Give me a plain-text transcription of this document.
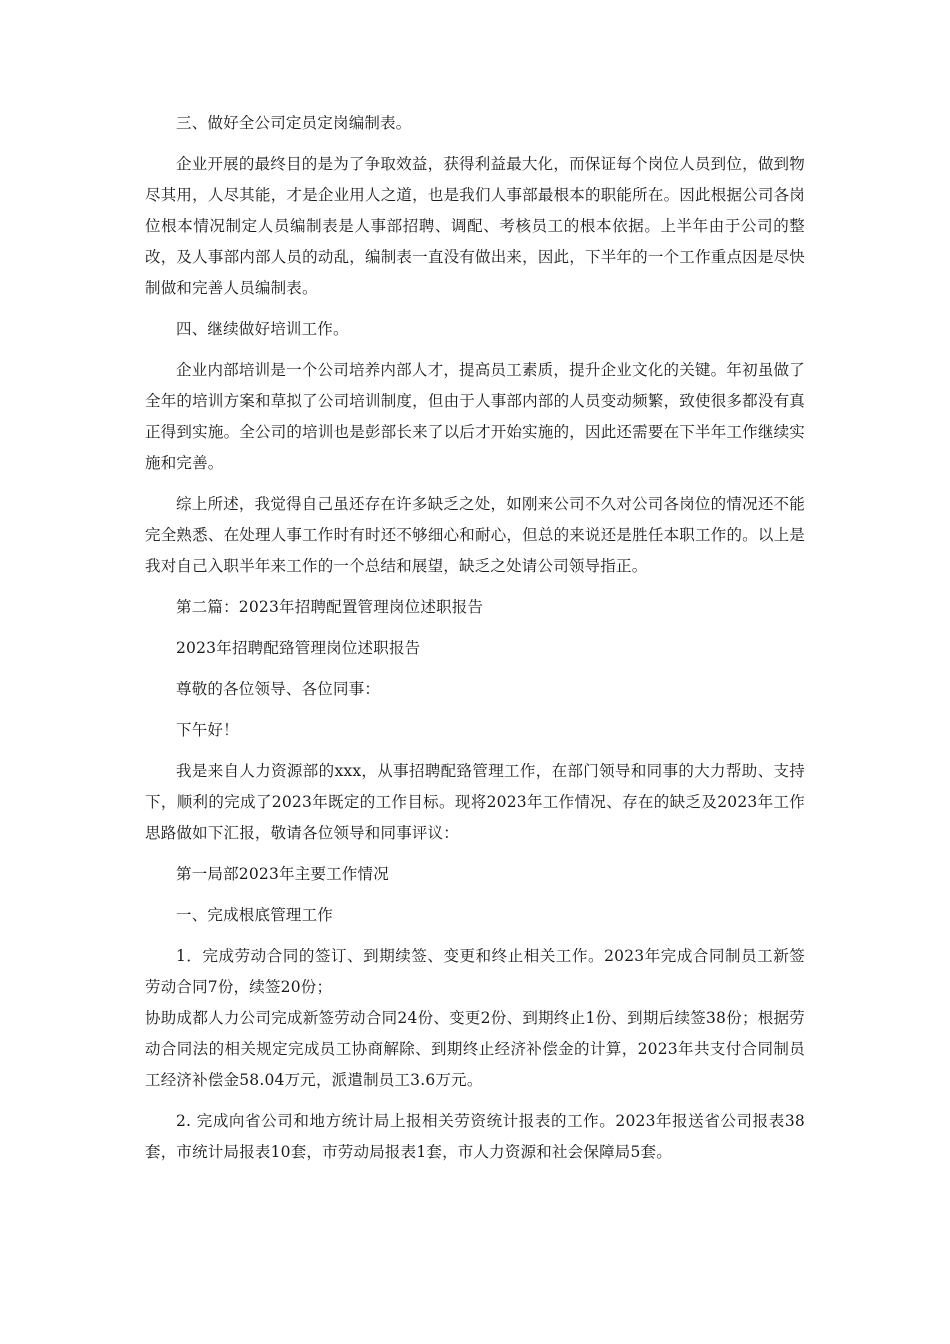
三、做好全公司定员定岗编制表。

企业开展的最终目的是为了争取效益，获得利益最大化，而保证每个岗位人员到位，做到物尽其用，人尽其能，才是企业用人之道，也是我们人事部最根本的职能所在。因此根据公司各岗位根本情况制定人员编制表是人事部招聘、调配、考核员工的根本依据。上半年由于公司的整改，及人事部内部人员的动乱，编制表一直没有做出来，因此，下半年的一个工作重点因是尽快制做和完善人员编制表。

四、继续做好培训工作。

企业内部培训是一个公司培养内部人才，提高员工素质，提升企业文化的关键。年初虽做了全年的培训方案和草拟了公司培训制度，但由于人事部内部的人员变动频繁，致使很多都没有真正得到实施。全公司的培训也是彭部长来了以后才开始实施的，因此还需要在下半年工作继续实施和完善。

综上所述，我觉得自己虽还存在许多缺乏之处，如刚来公司不久对公司各岗位的情况还不能完全熟悉、在处理人事工作时有时还不够细心和耐心，但总的来说还是胜任本职工作的。以上是我对自己入职半年来工作的一个总结和展望，缺乏之处请公司领导指正。

第二篇：2023年招聘配置管理岗位述职报告

2023年招聘配臵管理岗位述职报告

尊敬的各位领导、各位同事：

下午好！

我是来自人力资源部的xxx，从事招聘配臵管理工作，在部门领导和同事的大力帮助、支持下，顺利的完成了2023年既定的工作目标。现将2023年工作情况、存在的缺乏及2023年工作思路做如下汇报，敬请各位领导和同事评议：

第一局部2023年主要工作情况

一、完成根底管理工作

1．完成劳动合同的签订、到期续签、变更和终止相关工作。2023年完成合同制员工新签劳动合同7份，续签20份；

协助成都人力公司完成新签劳动合同24份、变更2份、到期终止1份、到期后续签38份；根据劳动合同法的相关规定完成员工协商解除、到期终止经济补偿金的计算，2023年共支付合同制员工经济补偿金58.04万元，派遣制员工3.6万元。

2. 完成向省公司和地方统计局上报相关劳资统计报表的工作。2023年报送省公司报表38套，市统计局报表10套，市劳动局报表1套，市人力资源和社会保障局5套。
